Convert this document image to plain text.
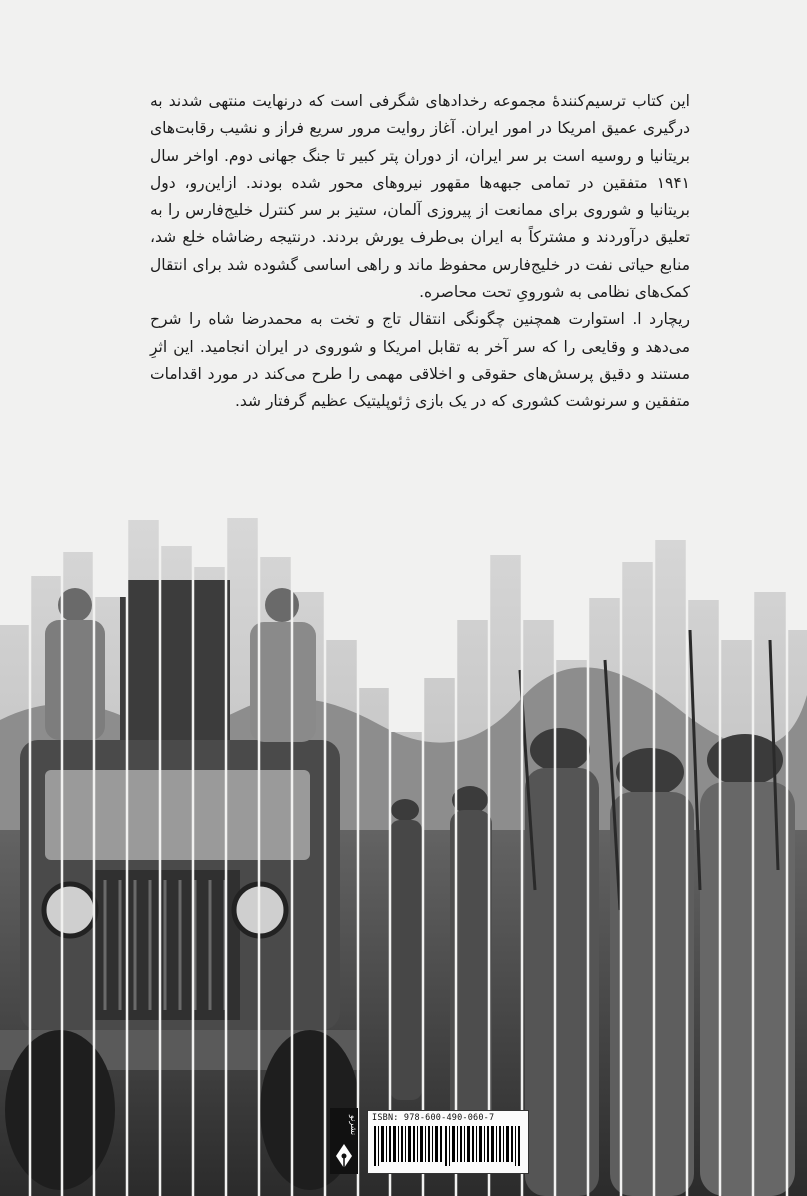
این کتاب ترسیم‌کنندهٔ مجموعه رخدادهای شگرفی است که درنهایت منتهی شدند به درگیری عمیق امریکا در امور ایران. آغاز روایت مرور سریع فراز و نشیب رقابت‌های بریتانیا و روسیه است بر سر ایران، از دوران پتر کبیر تا جنگ جهانی دوم. اواخر سال ۱۹۴۱ متفقین در تمامی جبهه‌ها مقهور نیروهای محور شده بودند. ازاین‌رو، دول بریتانیا و شوروی برای ممانعت از پیروزی آلمان، ستیز بر سر کنترل خلیج‌فارس را به تعلیق درآوردند و مشترکاً به ایران بی‌طرف یورش بردند. درنتیجه رضاشاه خلع شد، منابع حیاتی نفت در خلیج‌فارس محفوظ ماند و راهی اساسی گشوده شد برای انتقال کمک‌های نظامی به شورویِ تحت محاصره.

ریچارد ا. استوارت همچنین چگونگی انتقال تاج و تخت به محمدرضا شاه را شرح می‌دهد و وقایعی را که سر آخر به تقابل امریکا و شوروی در ایران انجامید. این اثرِ مستند و دقیق پرسش‌های حقوقی و اخلاقی مهمی را طرح می‌کند در مورد اقدامات متفقین و سرنوشت کشوری که در یک بازی ژئوپلیتیک عظیم گرفتار شد.

نشرنو ISBN: 978-600-490-060-7
